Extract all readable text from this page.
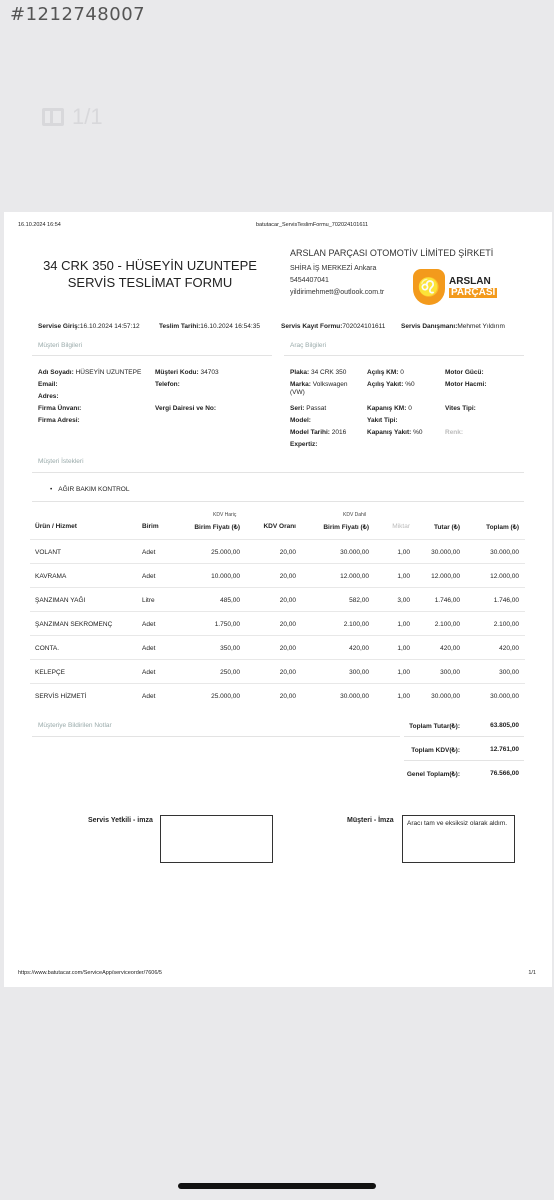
#1212748007
1/1
16.10.2024 16:54	batutacar_ServisTeslimFormu_702024101611
34 CRK 350 - HÜSEYİN UZUNTEPE
SERVİS TESLİMAT FORMU
ARSLAN PARÇASI OTOMOTİV LİMİTED ŞİRKETİ
SHİRA İŞ MERKEZİ Ankara
5454407041
yildirimehmett@outlook.com.tr	♌ ARSLAN
PARÇASI
Servise Giriş:16.10.2024 14:57:12	Teslim Tarihi:16.10.2024 16:54:35	Servis Kayıt Formu:702024101611 Servis Danışmanı:Mehmet Yıldırım
Müşteri Bilgileri	Araç Bilgileri
Adı Soyadı: HÜSEYİN UZUNTEPE
Email:
Adres:
Firma Ünvanı:
Firma Adresi:
Müşteri Kodu: 34703
Telefon:
Vergi Dairesi ve No:
Plaka: 34 CRK 350
Marka: Volkswagen
(VW)
Seri: Passat
Model:
Model Tarihi: 2016
Expertiz:
Açılış KM: 0
Açılış Yakıt: %0
Kapanış KM: 0
Yakıt Tipi:
Kapanış Yakıt: %0
Motor Gücü:
Motor Hacmi:
Vites Tipi:
Renk:
Müşteri İstekleri
• AĞIR BAKIM KONTROL
KDV Hariç	KDV Dahil
Ürün / Hizmet	Birim	Birim Fiyatı (₺)	KDV Oranı	Birim Fiyatı (₺)	Miktar	Tutar (₺)	Toplam (₺)
VOLANT	Adet	25.000,00	20,00	30.000,00	1,00	30.000,00	30.000,00
KAVRAMA	Adet	10.000,00	20,00	12.000,00	1,00	12.000,00	12.000,00
ŞANZIMAN YAĞI	Litre	485,00	20,00	582,00	3,00	1.746,00	1.746,00
ŞANZIMAN SEKROMENÇ	Adet	1.750,00	20,00	2.100,00	1,00	2.100,00	2.100,00
CONTA.	Adet	350,00	20,00	420,00	1,00	420,00	420,00
KELEPÇE	Adet	250,00	20,00	300,00	1,00	300,00	300,00
SERVİS HİZMETİ	Adet	25.000,00	20,00	30.000,00	1,00	30.000,00	30.000,00
Müşteriye Bildirilen Notlar	Toplam Tutar(₺):	63.805,00
Toplam KDV(₺):	12.761,00
Genel Toplam(₺):	76.566,00
Servis Yetkili - imza	Müşteri - İmza	Aracı tam ve eksiksiz olarak aldım.
https://www.batutacar.com/ServiceApp/serviceorder/7606/5	1/1
